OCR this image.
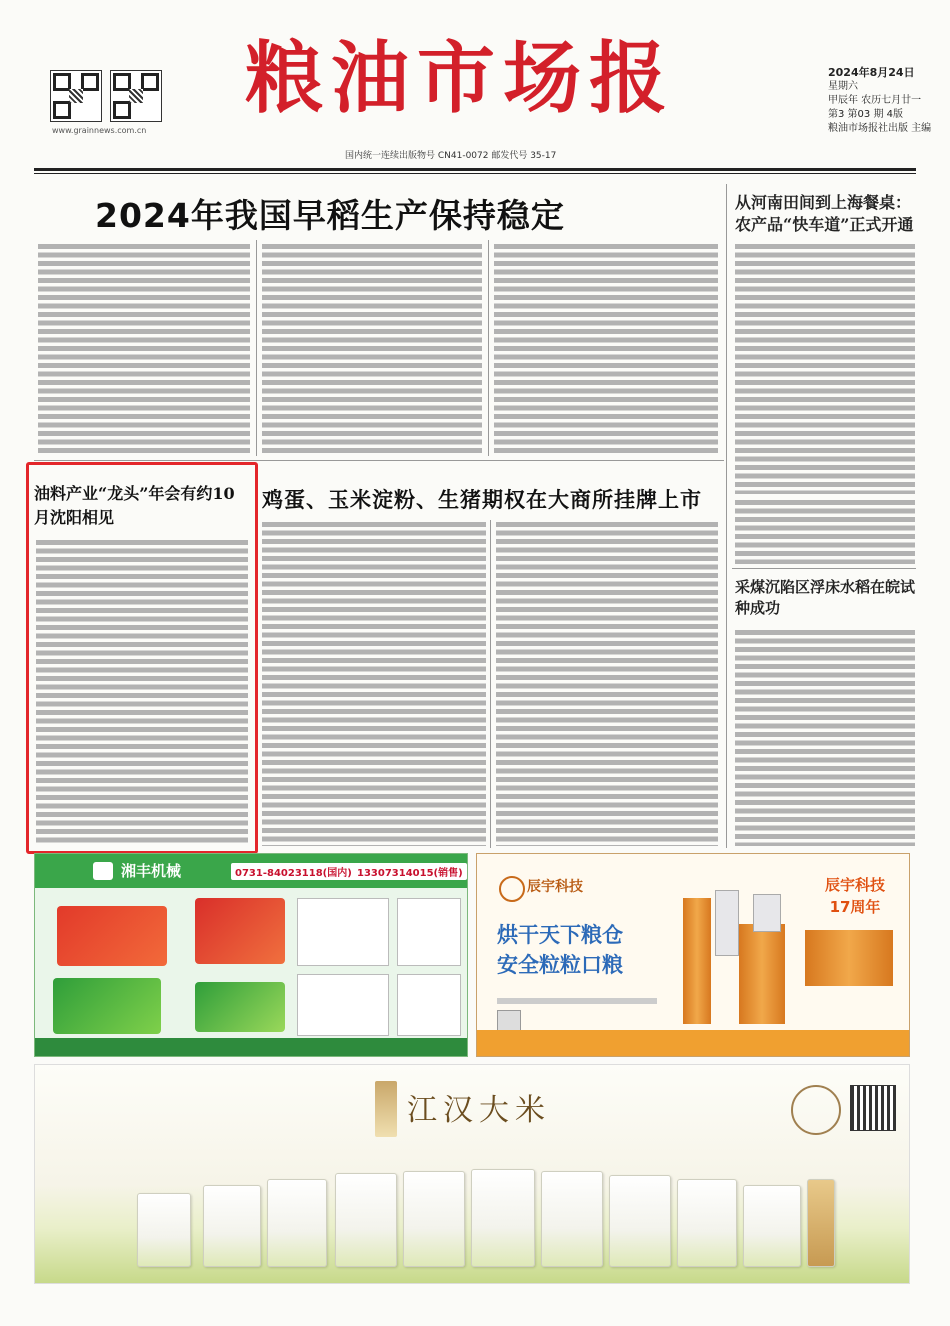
www.grainnews.com.cn
粮油市场报
国内统一连续出版物号 CN41-0072 邮发代号 35-17
2024年8月24日
星期六
甲辰年 农历七月廿一
第3 第03 期 4版
粮油市场报社出版 主编
2024年我国早稻生产保持稳定	从河南田间到上海餐桌：农产品“快车道”正式开通
采煤沉陷区浮床水稻在皖试种成功
油料产业“龙头”年会有约10月沈阳相见
鸡蛋、玉米淀粉、生猪期权在大商所挂牌上市
湘丰机械	0731-84023118(国内) 13307314015(销售)
辰宇科技
烘干天下粮仓
安全粒粒口粮
辰宇科技
17周年
江汉大米
